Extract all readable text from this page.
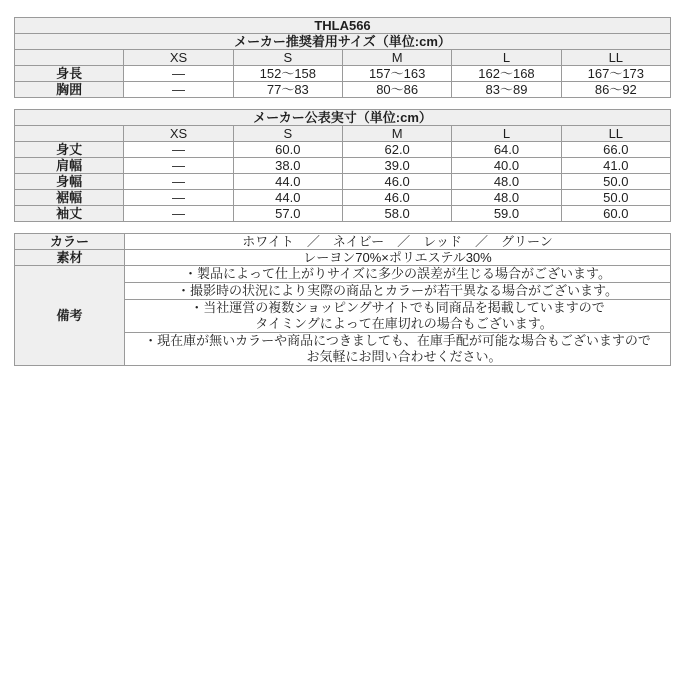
THLA566					
メーカー推奨着用サイズ（単位:cm）					
	XS	S	M	L	LL
身長	―	152～158	157～163	162～168	167～173
胸囲	―	77～83	80～86	83～89	86～92
メーカー公表実寸（単位:cm）					
	XS	S	M	L	LL
身丈	―	60.0	62.0	64.0	66.0
肩幅	―	38.0	39.0	40.0	41.0
身幅	―	44.0	46.0	48.0	50.0
裾幅	―	44.0	46.0	48.0	50.0
袖丈	―	57.0	58.0	59.0	60.0
カラー	ホワイト　／　ネイビー　／　レッド　／　グリーン
素材	レーヨン70%×ポリエステル30%
備考	・製品によって仕上がりサイズに多少の誤差が生じる場合がございます。

	・撮影時の状況により実際の商品とカラーが若干異なる場合がございます。

	・当社運営の複数ショッピングサイトでも同商品を掲載していますので
タイミングによって在庫切れの場合もございます。

	・現在庫が無いカラーや商品につきましても、在庫手配が可能な場合もございますので
お気軽にお問い合わせください。
